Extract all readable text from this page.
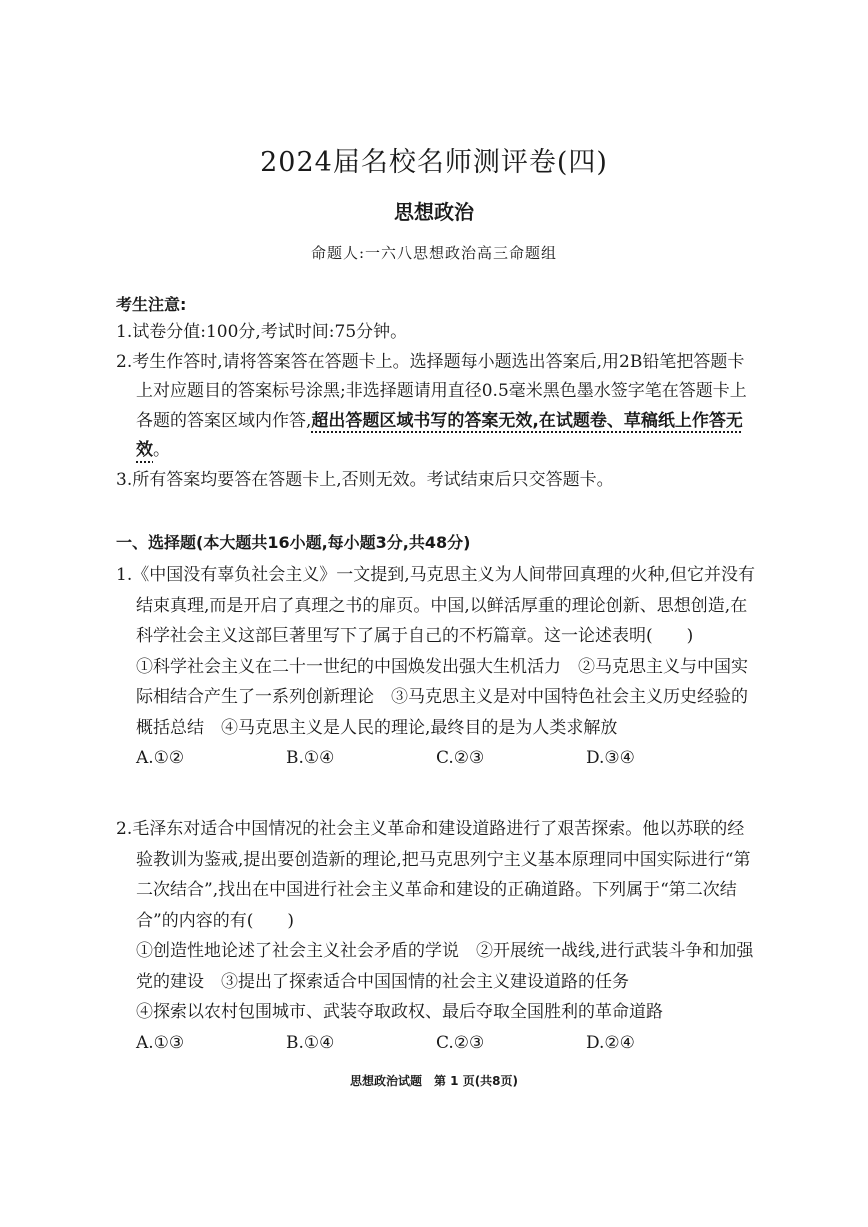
2024届名校名师测评卷(四)
思想政治
命题人:一六八思想政治高三命题组
考生注意:
1.试卷分值:100分,考试时间:75分钟。
2.考生作答时,请将答案答在答题卡上。选择题每小题选出答案后,用2B铅笔把答题卡上对应题目的答案标号涂黑;非选择题请用直径0.5毫米黑色墨水签字笔在答题卡上各题的答案区域内作答,超出答题区域书写的答案无效,在试题卷、草稿纸上作答无效。
3.所有答案均要答在答题卡上,否则无效。考试结束后只交答题卡。
一、选择题(本大题共16小题,每小题3分,共48分)
1.《中国没有辜负社会主义》一文提到,马克思主义为人间带回真理的火种,但它并没有结束真理,而是开启了真理之书的扉页。中国,以鲜活厚重的理论创新、思想创造,在科学社会主义这部巨著里写下了属于自己的不朽篇章。这一论述表明(　　)
①科学社会主义在二十一世纪的中国焕发出强大生机活力　②马克思主义与中国实际相结合产生了一系列创新理论　③马克思主义是对中国特色社会主义历史经验的概括总结　④马克思主义是人民的理论,最终目的是为人类求解放
A.①②	B.①④	C.②③	D.③④
2.毛泽东对适合中国情况的社会主义革命和建设道路进行了艰苦探索。他以苏联的经验教训为鉴戒,提出要创造新的理论,把马克思列宁主义基本原理同中国实际进行“第二次结合”,找出在中国进行社会主义革命和建设的正确道路。下列属于“第二次结合”的内容的有(　　)
①创造性地论述了社会主义社会矛盾的学说　②开展统一战线,进行武装斗争和加强党的建设　③提出了探索适合中国国情的社会主义建设道路的任务
④探索以农村包围城市、武装夺取政权、最后夺取全国胜利的革命道路
A.①③	B.①④	C.②③	D.②④
思想政治试题　第 1 页(共8页)
